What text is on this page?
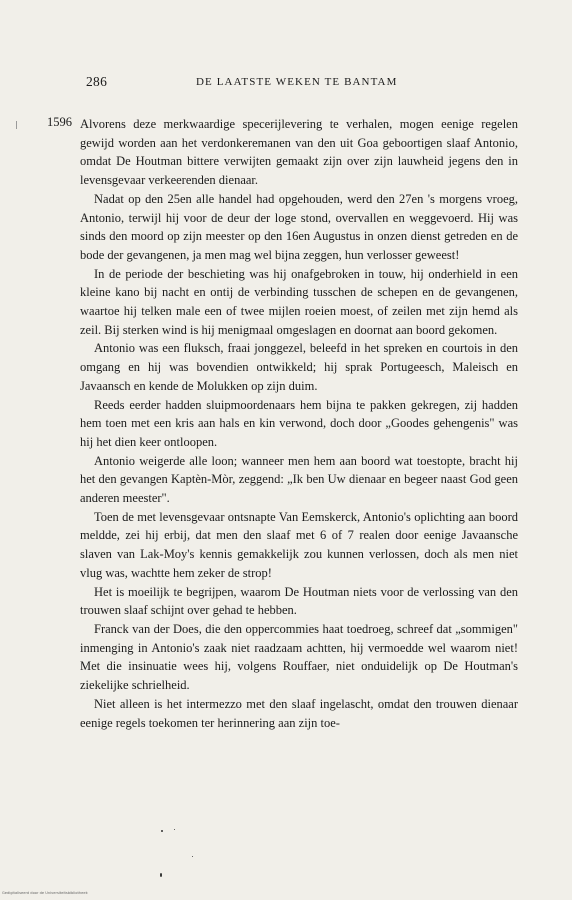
286	DE LAATSTE WEKEN TE BANTAM
1596 Alvorens deze merkwaardige specerijlevering te verhalen, mogen eenige regelen gewijd worden aan het verdonkeremanen van den uit Goa geboortigen slaaf Antonio, omdat De Houtman bittere verwijten gemaakt zijn over zijn lauwheid jegens den in levensgevaar verkeerenden dienaar.

Nadat op den 25en alle handel had opgehouden, werd den 27en 's morgens vroeg, Antonio, terwijl hij voor de deur der loge stond, overvallen en weggevoerd. Hij was sinds den moord op zijn meester op den 16en Augustus in onzen dienst getreden en de bode der gevangenen, ja men mag wel bijna zeggen, hun verlosser geweest!

In de periode der beschieting was hij onafgebroken in touw, hij onderhield in een kleine kano bij nacht en ontij de verbinding tusschen de schepen en de gevangenen, waartoe hij telken male een of twee mijlen roeien moest, of zeilen met zijn hemd als zeil. Bij sterken wind is hij menigmaal omgeslagen en doornat aan boord gekomen.

Antonio was een fluksch, fraai jonggezel, beleefd in het spreken en courtois in den omgang en hij was bovendien ontwikkeld; hij sprak Portugeesch, Maleisch en Javaansch en kende de Molukken op zijn duim.

Reeds eerder hadden sluipmoordenaars hem bijna te pakken gekregen, zij hadden hem toen met een kris aan hals en kin verwond, doch door „Goodes gehengenis" was hij het dien keer ontloopen.

Antonio weigerde alle loon; wanneer men hem aan boord wat toestopte, bracht hij het den gevangen Kaptèn-Mòr, zeggend: „Ik ben Uw dienaar en begeer naast God geen anderen meester".

Toen de met levensgevaar ontsnapte Van Eemskerck, Antonio's oplichting aan boord meldde, zei hij erbij, dat men den slaaf met 6 of 7 realen door eenige Javaansche slaven van Lak-Moy's kennis gemakkelijk zou kunnen verlossen, doch als men niet vlug was, wachtte hem zeker de strop!

Het is moeilijk te begrijpen, waarom De Houtman niets voor de verlossing van den trouwen slaaf schijnt over gehad te hebben.

Franck van der Does, die den oppercommies haat toedroeg, schreef dat „sommigen" inmenging in Antonio's zaak niet raadzaam achtten, hij vermoedde wel waarom niet! Met die insinuatie wees hij, volgens Rouffaer, niet onduidelijk op De Houtman's ziekelijke schrielheid.

Niet alleen is het intermezzo met den slaaf ingelascht, omdat den trouwen dienaar eenige regels toekomen ter herinnering aan zijn toe-

Gedigitaliseerd door de Universiteitsbibliotheek
